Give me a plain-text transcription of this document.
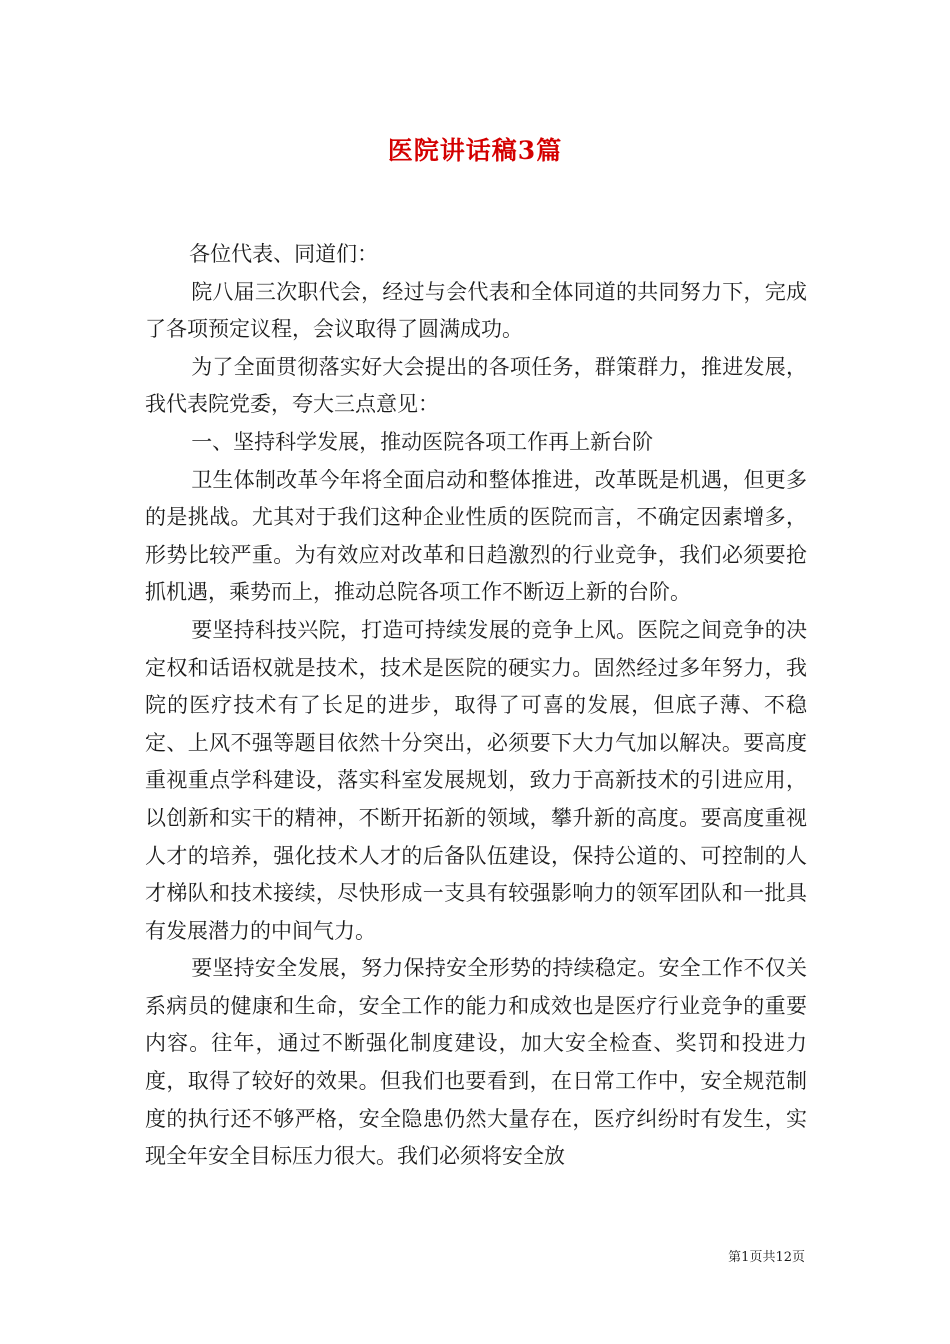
医院讲话稿3篇

各位代表、同道们：

院八届三次职代会，经过与会代表和全体同道的共同努力下，完成了各项预定议程，会议取得了圆满成功。

为了全面贯彻落实好大会提出的各项任务，群策群力，推进发展，我代表院党委，夸大三点意见：

一、坚持科学发展，推动医院各项工作再上新台阶

卫生体制改革今年将全面启动和整体推进，改革既是机遇，但更多的是挑战。尤其对于我们这种企业性质的医院而言，不确定因素增多，形势比较严重。为有效应对改革和日趋激烈的行业竞争，我们必须要抢抓机遇，乘势而上，推动总院各项工作不断迈上新的台阶。

要坚持科技兴院，打造可持续发展的竞争上风。医院之间竞争的决定权和话语权就是技术，技术是医院的硬实力。固然经过多年努力，我院的医疗技术有了长足的进步，取得了可喜的发展，但底子薄、不稳定、上风不强等题目依然十分突出，必须要下大力气加以解决。要高度重视重点学科建设，落实科室发展规划，致力于高新技术的引进应用，以创新和实干的精神，不断开拓新的领域，攀升新的高度。要高度重视人才的培养，强化技术人才的后备队伍建设，保持公道的、可控制的人才梯队和技术接续，尽快形成一支具有较强影响力的领军团队和一批具有发展潜力的中间气力。

要坚持安全发展，努力保持安全形势的持续稳定。安全工作不仅关系病员的健康和生命，安全工作的能力和成效也是医疗行业竞争的重要内容。往年，通过不断强化制度建设，加大安全检查、奖罚和投进力度，取得了较好的效果。但我们也要看到，在日常工作中，安全规范制度的执行还不够严格，安全隐患仍然大量存在，医疗纠纷时有发生，实现全年安全目标压力很大。我们必须将安全放

第1页共12页
